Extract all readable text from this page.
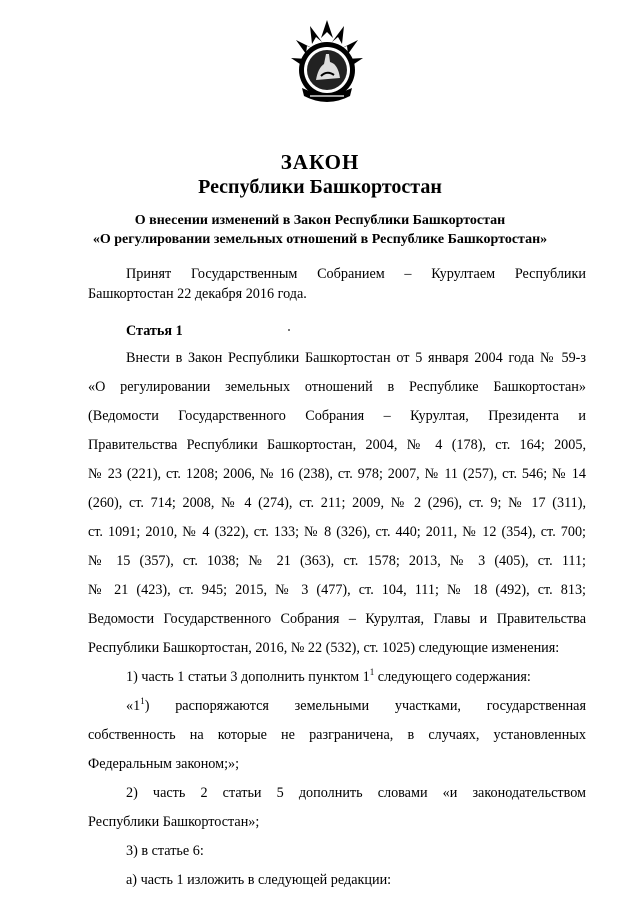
ЗАКОН
Республики Башкортостан
О внесении изменений в Закон Республики Башкортостан
«О регулировании земельных отношений в Республике Башкортостан»
Принят Государственным Собранием – Курултаем Республики
Башкортостан 22 декабря 2016 года.
Статья 1
Внести в Закон Республики Башкортостан от 5 января 2004 года № 59-з
«О регулировании земельных отношений в Республике Башкортостан»
(Ведомости Государственного Собрания – Курултая, Президента и
Правительства Республики Башкортостан, 2004, № 4 (178), ст. 164; 2005,
№ 23 (221), ст. 1208; 2006, № 16 (238), ст. 978; 2007, № 11 (257), ст. 546; № 14
(260), ст. 714; 2008, № 4 (274), ст. 211; 2009, № 2 (296), ст. 9; № 17 (311),
ст. 1091; 2010, № 4 (322), ст. 133; № 8 (326), ст. 440; 2011, № 12 (354), ст. 700;
№ 15 (357), ст. 1038; № 21 (363), ст. 1578; 2013, № 3 (405), ст. 111;
№ 21 (423), ст. 945; 2015, № 3 (477), ст. 104, 111; № 18 (492), ст. 813;
Ведомости Государственного Собрания – Курултая, Главы и Правительства
Республики Башкортостан, 2016, № 22 (532), ст. 1025) следующие изменения:
1) часть 1 статьи 3 дополнить пунктом $1^1$ следующего содержания:
«$1^1$) распоряжаются земельными участками, государственная
собственность на которые не разграничена, в случаях, установленных
Федеральным законом;»;
2) часть 2 статьи 5 дополнить словами «и законодательством
Республики Башкортостан»;
3) в статье 6:
а) часть 1 изложить в следующей редакции:
